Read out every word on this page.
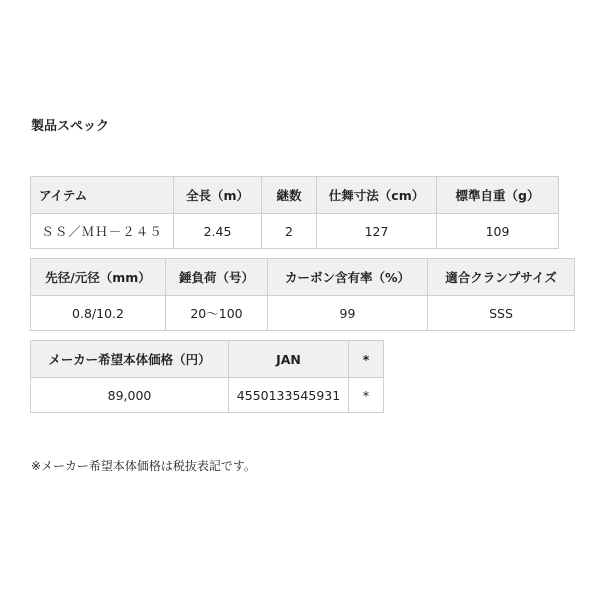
製品スペック
アイテム	全長（m）	継数	仕舞寸法（cm）	標準自重（g）
ＳＳ／ＭＨ－２４５	2.45	2	127	109
先径/元径（mm）	錘負荷（号）	カーボン含有率（%）	適合クランプサイズ
0.8/10.2	20〜100	99	SSS
メーカー希望本体価格（円）	JAN	*
89,000	4550133545931	*
※メーカー希望本体価格は税抜表記です。
